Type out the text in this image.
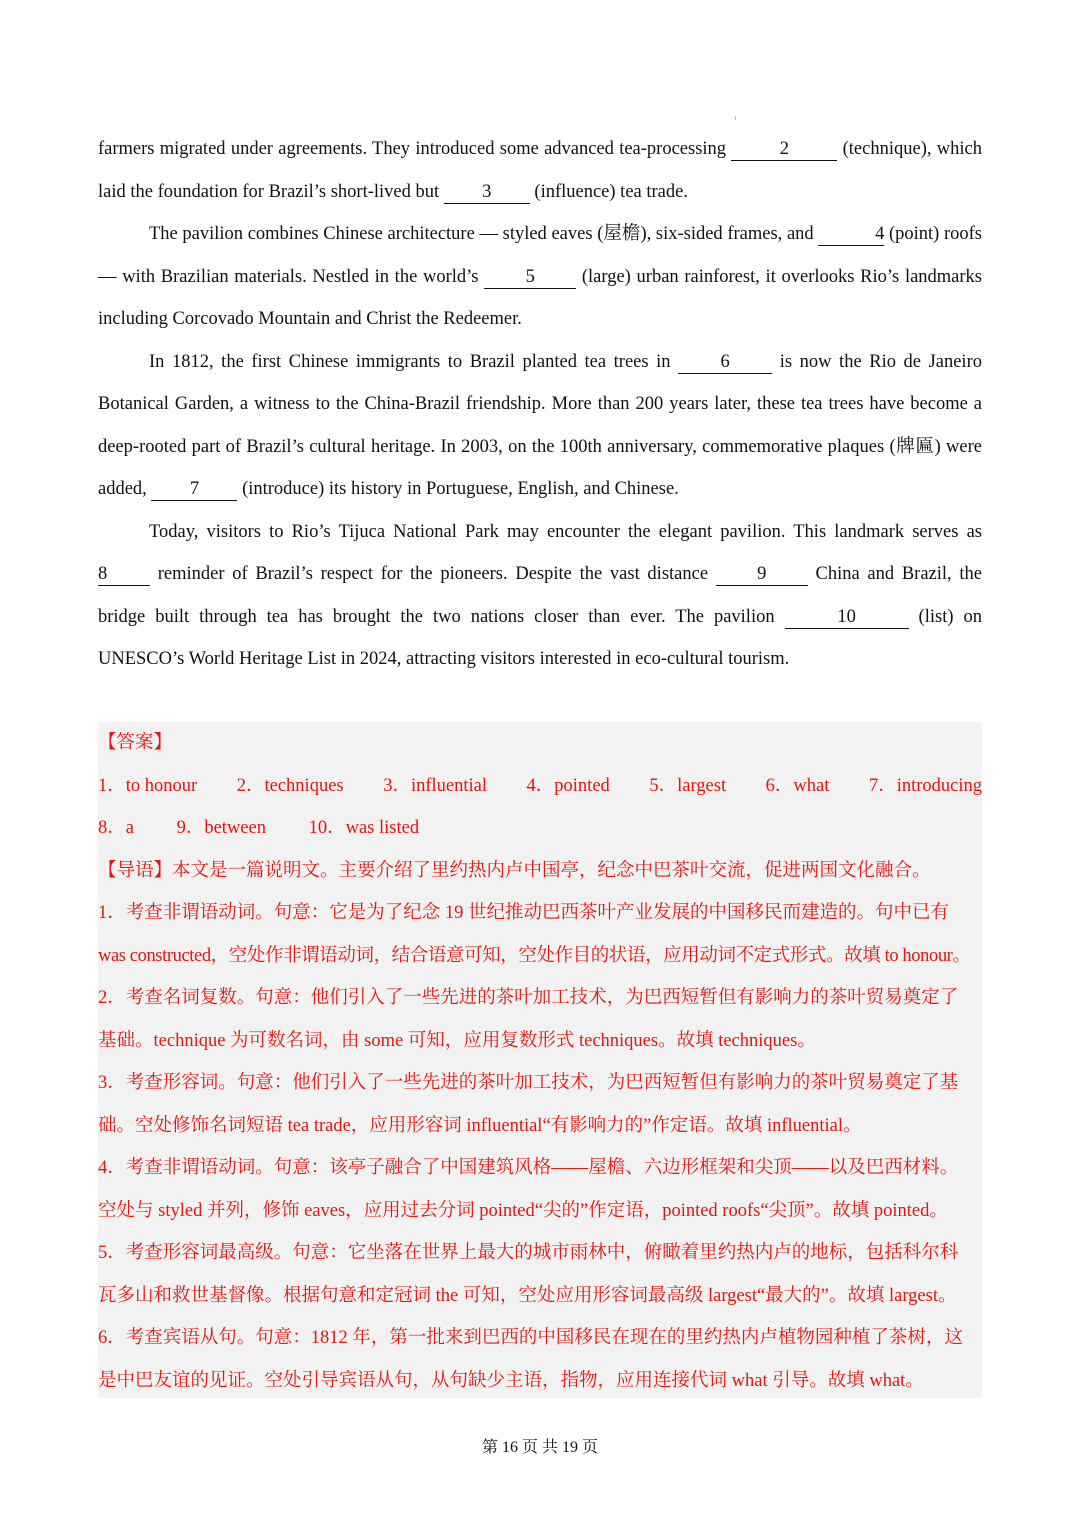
farmers migrated under agreements. They introduced some advanced tea-processing	2	(technique), which laid the foundation for Brazil’s short-lived but 3 (influence) tea trade.

The pavilion combines Chinese architecture — styled eaves (屋檐), six-sided frames, and	4 (point) roofs — with Brazilian materials. Nestled in the world’s 5 (large) urban rainforest, it overlooks Rio’s landmarks including Corcovado Mountain and Christ the Redeemer.

In 1812, the first Chinese immigrants to Brazil planted tea trees in 6 is now the Rio de Janeiro Botanical Garden, a witness to the China-Brazil friendship. More than 200 years later, these tea trees have become a deep-rooted part of Brazil’s cultural heritage. In 2003, on the 100th anniversary, commemorative plaques (牌匾) were added, 7 (introduce) its history in Portuguese, English, and Chinese.

Today, visitors to Rio’s Tijuca National Park may encounter the elegant pavilion. This landmark serves as 8 reminder of Brazil’s respect for the pioneers. Despite the vast distance 9 China and Brazil, the bridge built through tea has brought the two nations closer than ever. The pavilion	10	(list) on UNESCO’s World Heritage List in 2024, attracting visitors interested in eco-cultural tourism.

【答案】
1．to honour 2．techniques 3．influential 4．pointed 5．largest 6．what 7．introducing
8．a 9．between 10．was listed
【导语】本文是一篇说明文。主要介绍了里约热内卢中国亭，纪念中巴茶叶交流，促进两国文化融合。
1．考查非谓语动词。句意：它是为了纪念 19 世纪推动巴西茶叶产业发展的中国移民而建造的。句中已有
was constructed，空处作非谓语动词，结合语意可知，空处作目的状语，应用动词不定式形式。故填 to honour。
2．考查名词复数。句意：他们引入了一些先进的茶叶加工技术，为巴西短暂但有影响力的茶叶贸易奠定了
基础。technique 为可数名词，由 some 可知，应用复数形式 techniques。故填 techniques。
3．考查形容词。句意：他们引入了一些先进的茶叶加工技术，为巴西短暂但有影响力的茶叶贸易奠定了基
础。空处修饰名词短语 tea trade，应用形容词 influential“有影响力的”作定语。故填 influential。
4．考查非谓语动词。句意：该亭子融合了中国建筑风格——屋檐、六边形框架和尖顶——以及巴西材料。
空处与 styled 并列，修饰 eaves，应用过去分词 pointed“尖的”作定语，pointed roofs“尖顶”。故填 pointed。
5．考查形容词最高级。句意：它坐落在世界上最大的城市雨林中，俯瞰着里约热内卢的地标，包括科尔科
瓦多山和救世基督像。根据句意和定冠词 the 可知，空处应用形容词最高级 largest“最大的”。故填 largest。
6．考查宾语从句。句意：1812 年，第一批来到巴西的中国移民在现在的里约热内卢植物园种植了茶树，这
是中巴友谊的见证。空处引导宾语从句，从句缺少主语，指物，应用连接代词 what 引导。故填 what。
第 16 页 共 19 页
